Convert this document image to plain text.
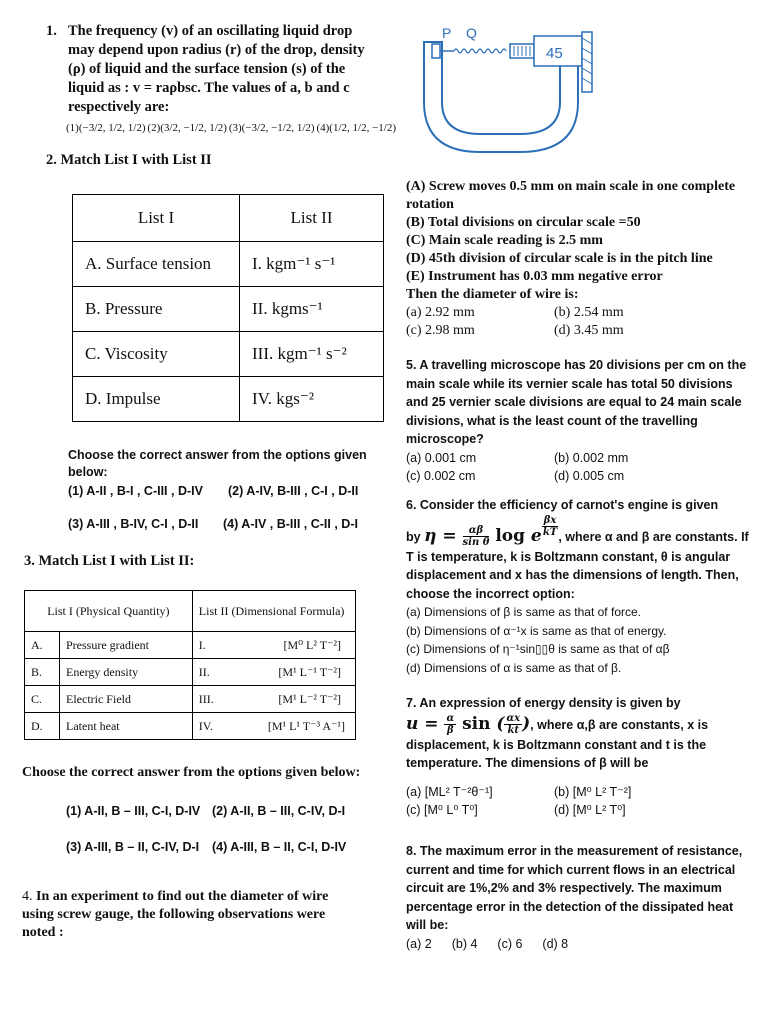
1. The frequency (v) of an oscillating liquid drop may depend upon radius (r) of the drop, density (ρ) of liquid and the surface tension (s) of the liquid as : v = raρbsc. The values of a, b and c respectively are:
(1)(−3/2, 1/2, 1/2) (2)(3/2, −1/2, 1/2) (3)(−3/2, −1/2, 1/2) (4)(1/2, 1/2, −1/2)
2. Match List I with List II
List I	List II
A. Surface tension	I. kgm⁻¹ s⁻¹
B. Pressure	II. kgms⁻¹
C. Viscosity	III. kgm⁻¹ s⁻²
D. Impulse	IV. kgs⁻²
Choose the correct answer from the options given below:
(1) A-II , B-I , C-III , D-IV	(2) A-IV, B-III , C-I , D-II
(3) A-III , B-IV, C-I , D-II	(4) A-IV , B-III , C-II , D-I
3. Match List I with List II:
List I (Physical Quantity)		List II (Dimensional Formula)	
A.	Pressure gradient	I.	[M⁰ L² T⁻²]
B.	Energy density	II.	[M¹ L⁻¹ T⁻²]
C.	Electric Field	III.	[M¹ L⁻² T⁻²]
D.	Latent heat	IV.	[M¹ L¹ T⁻³ A⁻¹]
Choose the correct answer from the options given below:
(1) A-II, B – III, C-I, D-IV (2) A-II, B – III, C-IV, D-I
(3) A-III, B – II, C-IV, D-I	(4) A-III, B – II, C-I, D-IV
4. In an experiment to find out the diameter of wire using screw gauge, the following observations were noted :
P Q
45
(A) Screw moves 0.5 mm on main scale in one complete rotation
(B) Total divisions on circular scale =50
(C) Main scale reading is 2.5 mm
(D) 45th division of circular scale is in the pitch line
(E) Instrument has 0.03 mm negative error
Then the diameter of wire is:
(a) 2.92 mm	(b) 2.54 mm
(c) 2.98 mm	(d) 3.45 mm
5. A travelling microscope has 20 divisions per cm on the main scale while its vernier scale has total 50 divisions and 25 vernier scale divisions are equal to 24 main scale divisions, what is the least count of the travelling microscope?
(a) 0.001 cm	(b) 0.002 mm
(c) 0.002 cm	(d) 0.005 cm
6. Consider the efficiency of carnot's engine is given
by $\eta = \frac{\alpha\beta}{\text{sin θ}}$ log e $\frac{\beta x}{kT}$ , where α and β are constants. If T is temperature, k is Boltzmann constant, θ is angular displacement and x has the dimensions of length. Then, choose the incorrect option:
(a) Dimensions of β is same as that of force.
(b) Dimensions of α⁻¹x is same as that of energy.
(c) Dimensions of η⁻¹sin▯▯θ is same as that of αβ
(d) Dimensions of α is same as that of β.
7. An expression of energy density is given by
$u = \frac{\alpha}{\beta}$ sin ( $\frac{\alpha x}{kt}$ ), where α,β are constants, x is displacement, k is Boltzmann constant and t is the temperature. The dimensions of β will be
(a) [ML² T⁻²θ⁻¹]	(b) [M⁰ L² T⁻²]
(c) [M⁰ L⁰ T⁰]	(d) [M⁰ L² T⁰]
8. The maximum error in the measurement of resistance, current and time for which current flows in an electrical circuit are 1%,2% and 3% respectively. The maximum percentage error in the detection of the dissipated heat will be:
(a) 2 (b) 4 (c) 6 (d) 8
